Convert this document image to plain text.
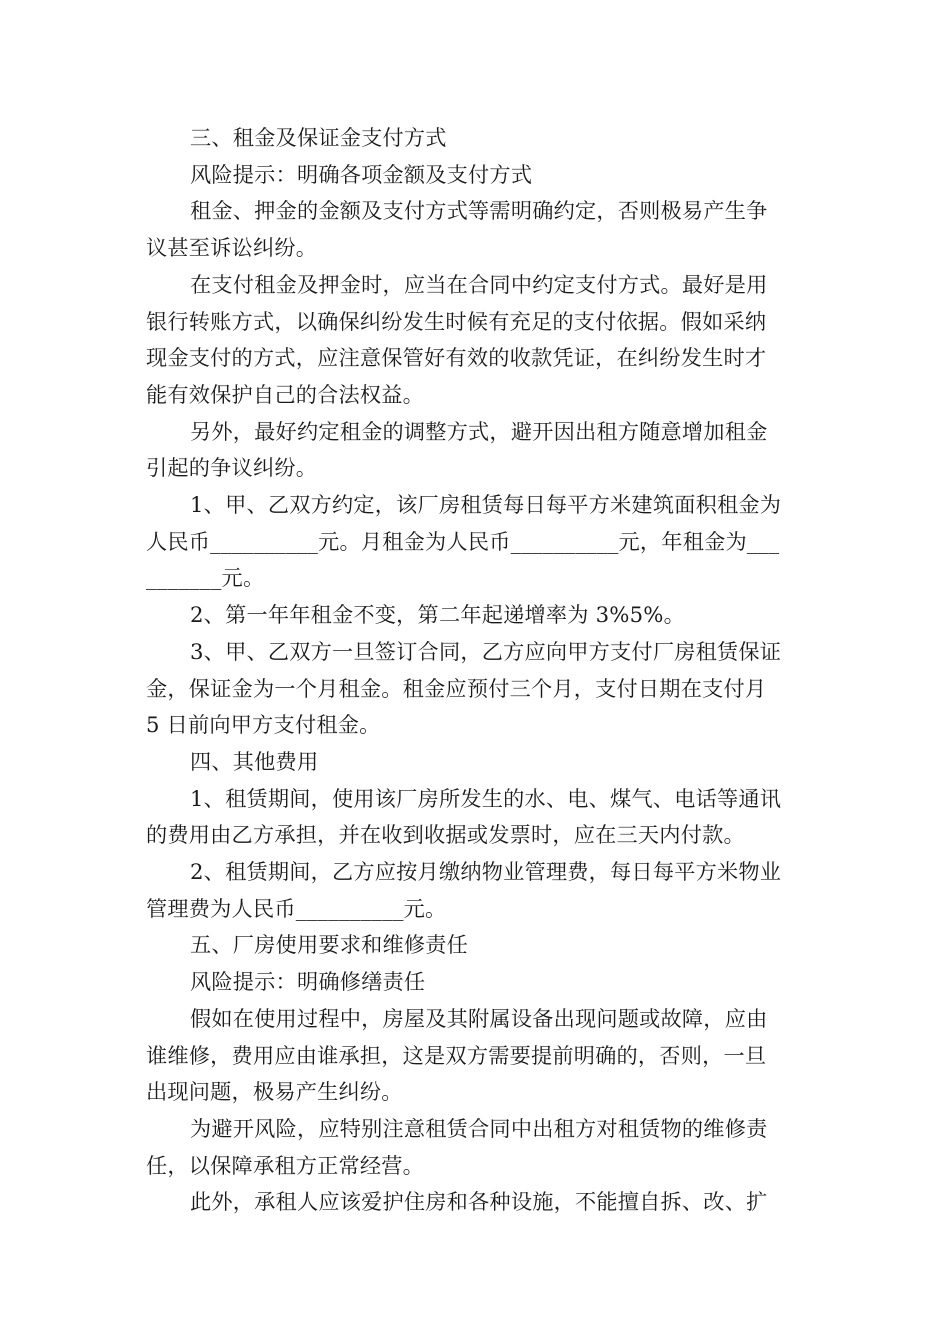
三、租金及保证金支付方式

风险提示：明确各项金额及支付方式

租金、押金的金额及支付方式等需明确约定，否则极易产生争
议甚至诉讼纠纷。

在支付租金及押金时，应当在合同中约定支付方式。最好是用
银行转账方式，以确保纠纷发生时候有充足的支付依据。假如采纳
现金支付的方式，应注意保管好有效的收款凭证，在纠纷发生时才
能有效保护自己的合法权益。

另外，最好约定租金的调整方式，避开因出租方随意增加租金
引起的争议纠纷。

1、甲、乙双方约定，该厂房租赁每日每平方米建筑面积租金为
人民币__________元。月租金为人民币__________元，年租金为___
_______元。

2、第一年年租金不变，第二年起递增率为 3%5%。

3、甲、乙双方一旦签订合同，乙方应向甲方支付厂房租赁保证
金，保证金为一个月租金。租金应预付三个月，支付日期在支付月
5 日前向甲方支付租金。

四、其他费用

1、租赁期间，使用该厂房所发生的水、电、煤气、电话等通讯
的费用由乙方承担，并在收到收据或发票时，应在三天内付款。

2、租赁期间，乙方应按月缴纳物业管理费，每日每平方米物业
管理费为人民币__________元。

五、厂房使用要求和维修责任

风险提示：明确修缮责任

假如在使用过程中，房屋及其附属设备出现问题或故障，应由
谁维修，费用应由谁承担，这是双方需要提前明确的，否则，一旦
出现问题，极易产生纠纷。

为避开风险，应特别注意租赁合同中出租方对租赁物的维修责
任，以保障承租方正常经营。

此外，承租人应该爱护住房和各种设施，不能擅自拆、改、扩
